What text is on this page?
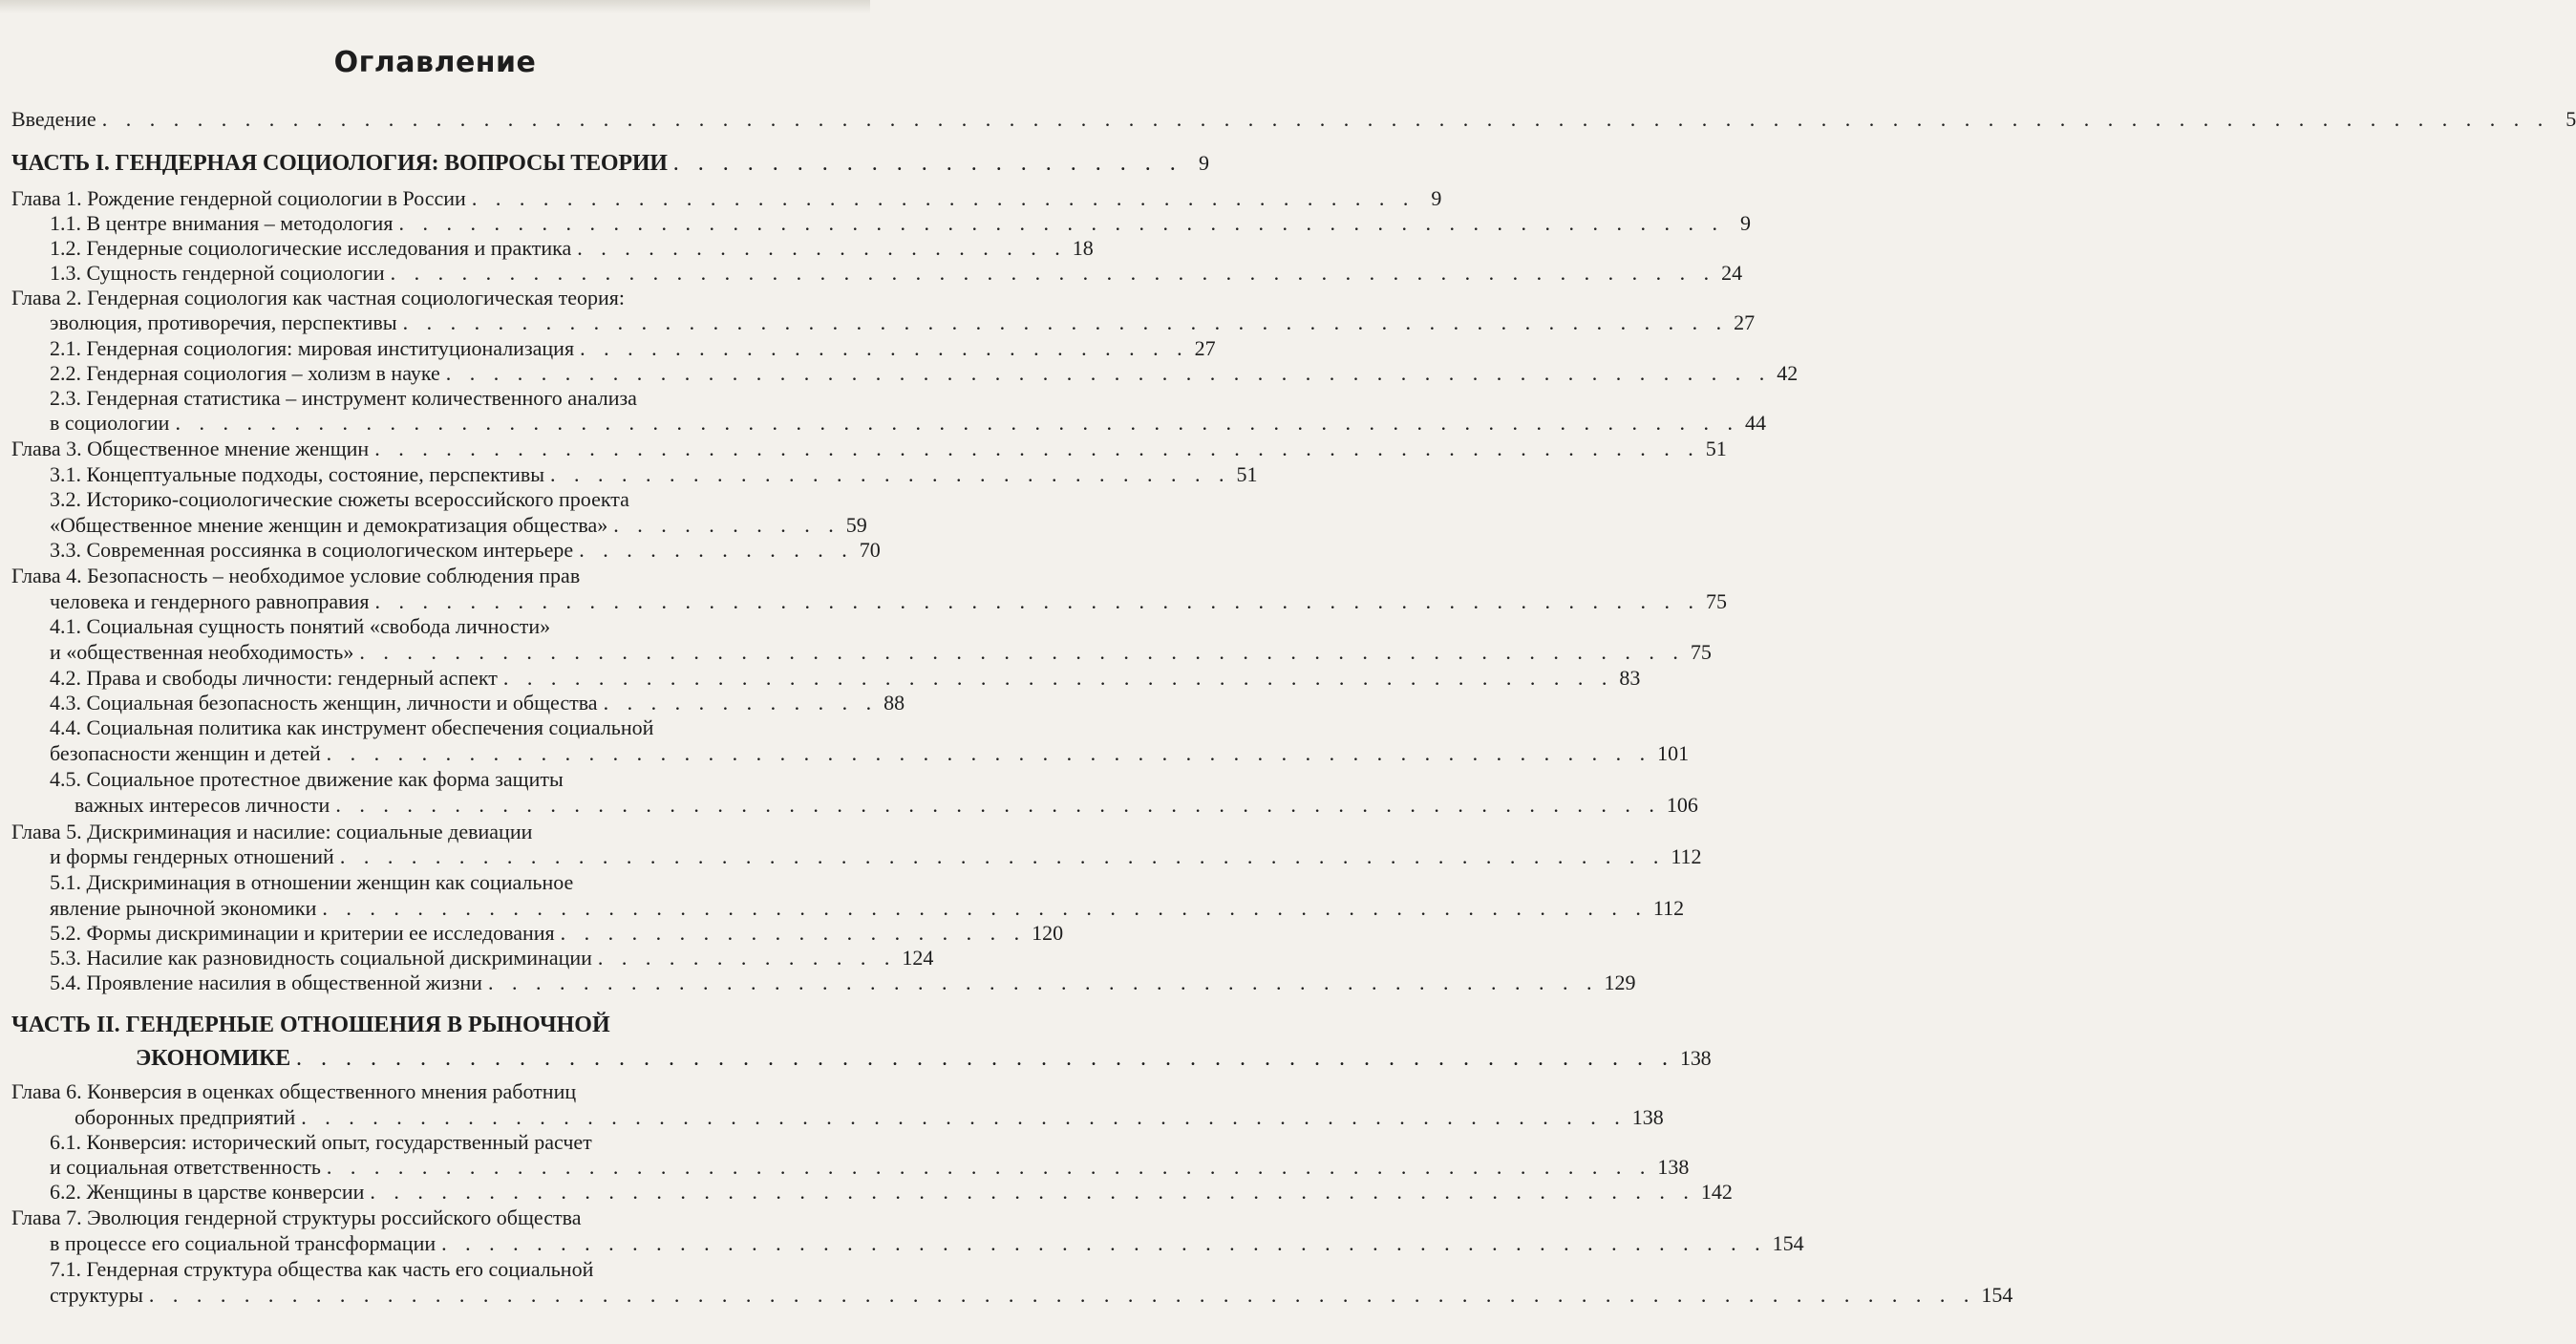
Оглавление
Введение . . . . . . . . . . . . . . . . . . . . . . . . . . . . . . . . . . . . . . . . . . . . . . . . . . . . . . . . . . . . . . . . . . . . . . . . . . . . . . . . . . . . . . . . . . . . . . . . . . . . . . . 5
ЧАСТЬ I. ГЕНДЕРНАЯ СОЦИОЛОГИЯ: ВОПРОСЫ ТЕОРИИ . . . . . . . . . . . . . . . . . . . . . 9
Глава 1. Рождение гендерной социологии в России . . . . . . . . . . . . . . . . . . . . . . . . . . . . . . . . . . . . . . . . 9
1.1. В центре внимания – методология . . . . . . . . . . . . . . . . . . . . . . . . . . . . . . . . . . . . . . . . . . . . . . . . . . . . . . . . 9
1.2. Гендерные социологические исследования и практика . . . . . . . . . . . . . . . . . . . . . 18
1.3. Сущность гендерной социологии . . . . . . . . . . . . . . . . . . . . . . . . . . . . . . . . . . . . . . . . . . . . . . . . . . . . . . . . 24
Глава 2. Гендерная социология как частная социологическая теория:
эволюция, противоречия, перспективы . . . . . . . . . . . . . . . . . . . . . . . . . . . . . . . . . . . . . . . . . . . . . . . . . . . . . . . . 27
2.1. Гендерная социология: мировая институционализация . . . . . . . . . . . . . . . . . . . . . . . . . . 27
2.2. Гендерная социология – холизм в науке . . . . . . . . . . . . . . . . . . . . . . . . . . . . . . . . . . . . . . . . . . . . . . . . . . . . . . . . 42
2.3. Гендерная статистика – инструмент количественного анализа
в социологии . . . . . . . . . . . . . . . . . . . . . . . . . . . . . . . . . . . . . . . . . . . . . . . . . . . . . . . . . . . . . . . . . . 44
Глава 3. Общественное мнение женщин . . . . . . . . . . . . . . . . . . . . . . . . . . . . . . . . . . . . . . . . . . . . . . . . . . . . . . . . 51
3.1. Концептуальные подходы, состояние, перспективы . . . . . . . . . . . . . . . . . . . . . . . . . . . . . 51
3.2. Историко-социологические сюжеты всероссийского проекта
«Общественное мнение женщин и демократизация общества» . . . . . . . . . . 59
3.3. Современная россиянка в социологическом интерьере . . . . . . . . . . . . 70
Глава 4. Безопасность – необходимое условие соблюдения прав
человека и гендерного равноправия . . . . . . . . . . . . . . . . . . . . . . . . . . . . . . . . . . . . . . . . . . . . . . . . . . . . . . . . 75
4.1. Социальная сущность понятий «свобода личности»
и «общественная необходимость» . . . . . . . . . . . . . . . . . . . . . . . . . . . . . . . . . . . . . . . . . . . . . . . . . . . . . . . . 75
4.2. Права и свободы личности: гендерный аспект . . . . . . . . . . . . . . . . . . . . . . . . . . . . . . . . . . . . . . . . . . . . . . . 83
4.3. Социальная безопасность женщин, личности и общества . . . . . . . . . . . . 88
4.4. Социальная политика как инструмент обеспечения социальной
безопасности женщин и детей . . . . . . . . . . . . . . . . . . . . . . . . . . . . . . . . . . . . . . . . . . . . . . . . . . . . . . . . 101
4.5. Социальное протестное движение как форма защиты
важных интересов личности . . . . . . . . . . . . . . . . . . . . . . . . . . . . . . . . . . . . . . . . . . . . . . . . . . . . . . . . 106
Глава 5. Дискриминация и насилие: социальные девиации
и формы гендерных отношений . . . . . . . . . . . . . . . . . . . . . . . . . . . . . . . . . . . . . . . . . . . . . . . . . . . . . . . . 112
5.1. Дискриминация в отношении женщин как социальное
явление рыночной экономики . . . . . . . . . . . . . . . . . . . . . . . . . . . . . . . . . . . . . . . . . . . . . . . . . . . . . . . . 112
5.2. Формы дискриминации и критерии ее исследования . . . . . . . . . . . . . . . . . . . . 120
5.3. Насилие как разновидность социальной дискриминации . . . . . . . . . . . . . 124
5.4. Проявление насилия в общественной жизни . . . . . . . . . . . . . . . . . . . . . . . . . . . . . . . . . . . . . . . . . . . . . . . 129
ЧАСТЬ II. ГЕНДЕРНЫЕ ОТНОШЕНИЯ В РЫНОЧНОЙ
ЭКОНОМИКЕ . . . . . . . . . . . . . . . . . . . . . . . . . . . . . . . . . . . . . . . . . . . . . . . . . . . . . . . . 138
Глава 6. Конверсия в оценках общественного мнения работниц
оборонных предприятий . . . . . . . . . . . . . . . . . . . . . . . . . . . . . . . . . . . . . . . . . . . . . . . . . . . . . . . . 138
6.1. Конверсия: исторический опыт, государственный расчет
и социальная ответственность . . . . . . . . . . . . . . . . . . . . . . . . . . . . . . . . . . . . . . . . . . . . . . . . . . . . . . . . 138
6.2. Женщины в царстве конверсии . . . . . . . . . . . . . . . . . . . . . . . . . . . . . . . . . . . . . . . . . . . . . . . . . . . . . . . . 142
Глава 7. Эволюция гендерной структуры российского общества
в процессе его социальной трансформации . . . . . . . . . . . . . . . . . . . . . . . . . . . . . . . . . . . . . . . . . . . . . . . . . . . . . . . . 154
7.1. Гендерная структура общества как часть его социальной
структуры . . . . . . . . . . . . . . . . . . . . . . . . . . . . . . . . . . . . . . . . . . . . . . . . . . . . . . . . . . . . . . . . . . . . . . . . . . . . . 154
